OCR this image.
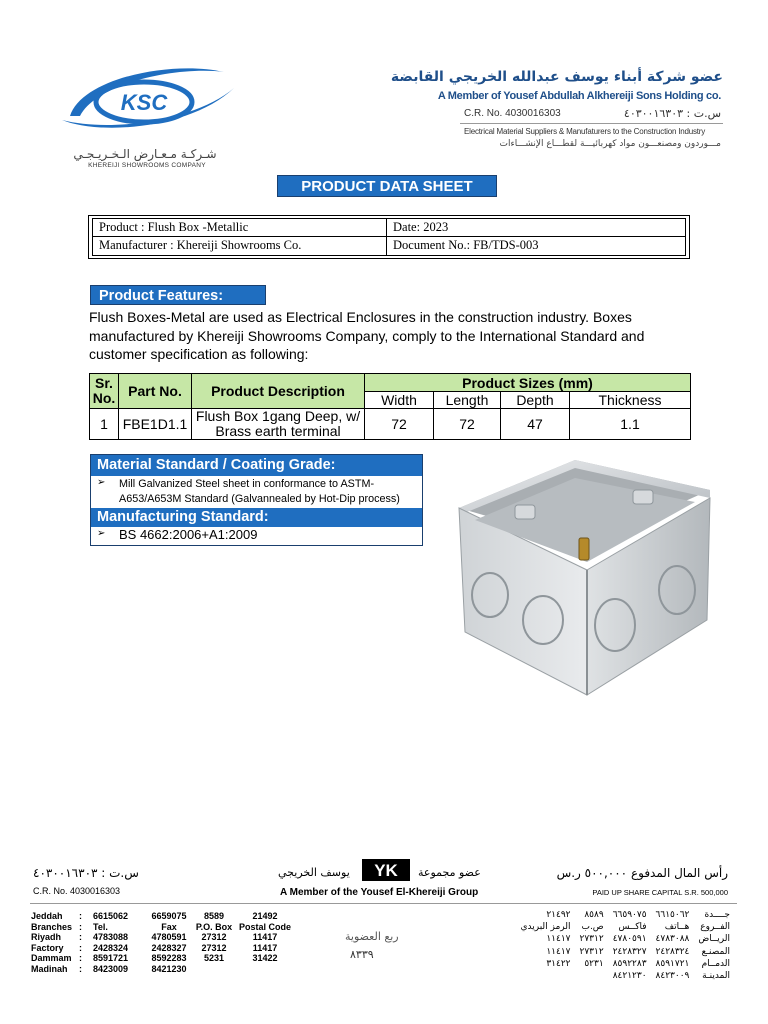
KSC
شـركـة مـعـارض الـخـريـجـي
KHEREIJI SHOWROOMS COMPANY
عضو شركة أبناء يوسف عبدالله الخريجي القابضة
A Member of Yousef Abdullah Alkhereiji Sons Holding co.
C.R. No. 4030016303	س.ت : ٤٠٣٠٠١٦٣٠٣
Electrical Material Suppliers & Manufaturers to the Construction Industry
مـــوردون ومصنعـــون مواد كهربائيـــة لقطـــاع الإنشـــاءات
PRODUCT DATA SHEET
Product : Flush Box -Metallic	Date: 2023
Manufacturer : Khereiji Showrooms Co.	Document No.: FB/TDS-003
Product Features:
Flush Boxes-Metal are used as Electrical Enclosures in the construction industry. Boxes manufactured by Khereiji Showrooms Company, comply to the International Standard and customer specification as following:
Sr. No.	Part No.	Product Description	Product Sizes (mm)			
			Width	Length	Depth	Thickness
1	FBE1D1.1	Flush Box 1gang Deep, w/ Brass earth terminal	72	72	47	1.1
Material Standard / Coating Grade:
➢ Mill Galvanized Steel sheet in conformance to ASTM-A653/A653M Standard (Galvannealed by Hot-Dip process)
Manufacturing Standard:
➢ BS 4662:2006+A1:2009
س.ت : ٤٠٣٠٠١٦٣٠٣
C.R. No. 4030016303
يوسف الخريجي YK عضو مجموعة
A Member of the Yousef El-Khereiji Group
رأس المال المدفوع ٥٠٠,٠٠٠ ر.س
PAID UP SHARE CAPITAL S.R. 500,000
Jeddah	:	6615062	6659075	8589	21492
Branches	:	Tel.	Fax	P.O. Box	Postal Code
Riyadh	:	4783088	4780591	27312	11417
Factory	:	2428324	2428327	27312	11417
Dammam	:	8591721	8592283	5231	31422
Madinah	:	8423009	8421230		
ربع العضوية
٨٣٣٩
جــــدة	٦٦١٥٠٦٢	٦٦٥٩٠٧٥	٨٥٨٩	٢١٤٩٢
الفــروع	هــاتف	فاكــس	ص.ب	الرمز البريدي
الريــاض	٤٧٨٣٠٨٨	٤٧٨٠٥٩١	٢٧٣١٢	١١٤١٧
المصنـع	٢٤٢٨٣٢٤	٢٤٢٨٣٢٧	٢٧٣١٢	١١٤١٧
الدمــام	٨٥٩١٧٢١	٨٥٩٢٢٨٣	٥٢٣١	٣١٤٢٢
المدينـة	٨٤٢٣٠٠٩	٨٤٢١٢٣٠		
